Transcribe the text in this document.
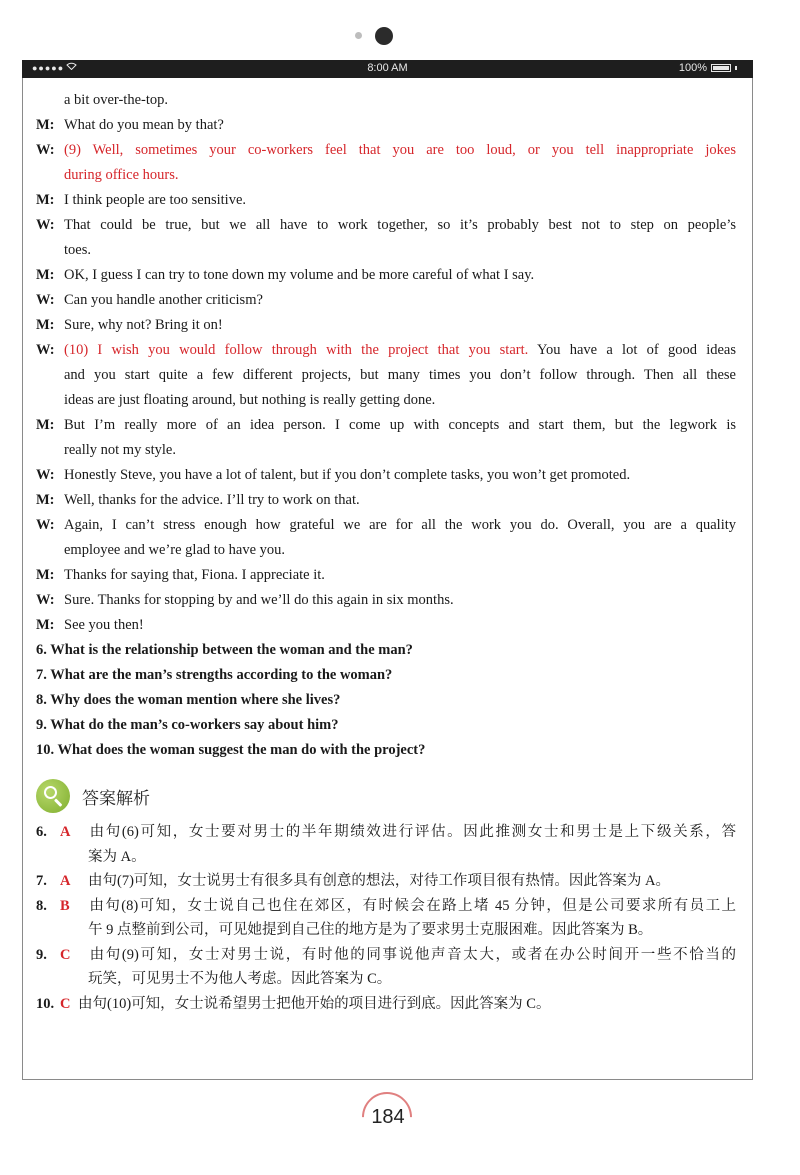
●●●●●	8:00 AM	100%
a bit over-the-top.
M: What do you mean by that?
W: (9) Well, sometimes your co-workers feel that you are too loud, or you tell inappropriate jokes
during office hours.
M: I think people are too sensitive.
W: That could be true, but we all have to work together, so it’s probably best not to step on people’s
toes.
M: OK, I guess I can try to tone down my volume and be more careful of what I say.
W: Can you handle another criticism?
M: Sure, why not? Bring it on!
W: (10) I wish you would follow through with the project that you start. You have a lot of good ideas
and you start quite a few different projects, but many times you don’t follow through. Then all these
ideas are just floating around, but nothing is really getting done.
M: But I’m really more of an idea person. I come up with concepts and start them, but the legwork is
really not my style.
W: Honestly Steve, you have a lot of talent, but if you don’t complete tasks, you won’t get promoted.
M: Well, thanks for the advice. I’ll try to work on that.
W: Again, I can’t stress enough how grateful we are for all the work you do. Overall, you are a quality
employee and we’re glad to have you.
M: Thanks for saying that, Fiona. I appreciate it.
W: Sure. Thanks for stopping by and we’ll do this again in six months.
M: See you then!
6. What is the relationship between the woman and the man?
7. What are the man’s strengths according to the woman?
8. Why does the woman mention where she lives?
9. What do the man’s co-workers say about him?
10. What does the woman suggest the man do with the project?
答案解析
6. A 由句(6)可知，女士要对男士的半年期绩效进行评估。因此推测女士和男士是上下级关系，答
案为 A。
7. A 由句(7)可知，女士说男士有很多具有创意的想法，对待工作项目很有热情。因此答案为 A。
8. B 由句(8)可知，女士说自己也住在郊区，有时候会在路上堵 45 分钟，但是公司要求所有员工上
午 9 点整前到公司，可见她提到自己住的地方是为了要求男士克服困难。因此答案为 B。
9. C 由句(9)可知，女士对男士说，有时他的同事说他声音太大，或者在办公时间开一些不恰当的
玩笑，可见男士不为他人考虑。因此答案为 C。
10. C 由句(10)可知，女士说希望男士把他开始的项目进行到底。因此答案为 C。
184
